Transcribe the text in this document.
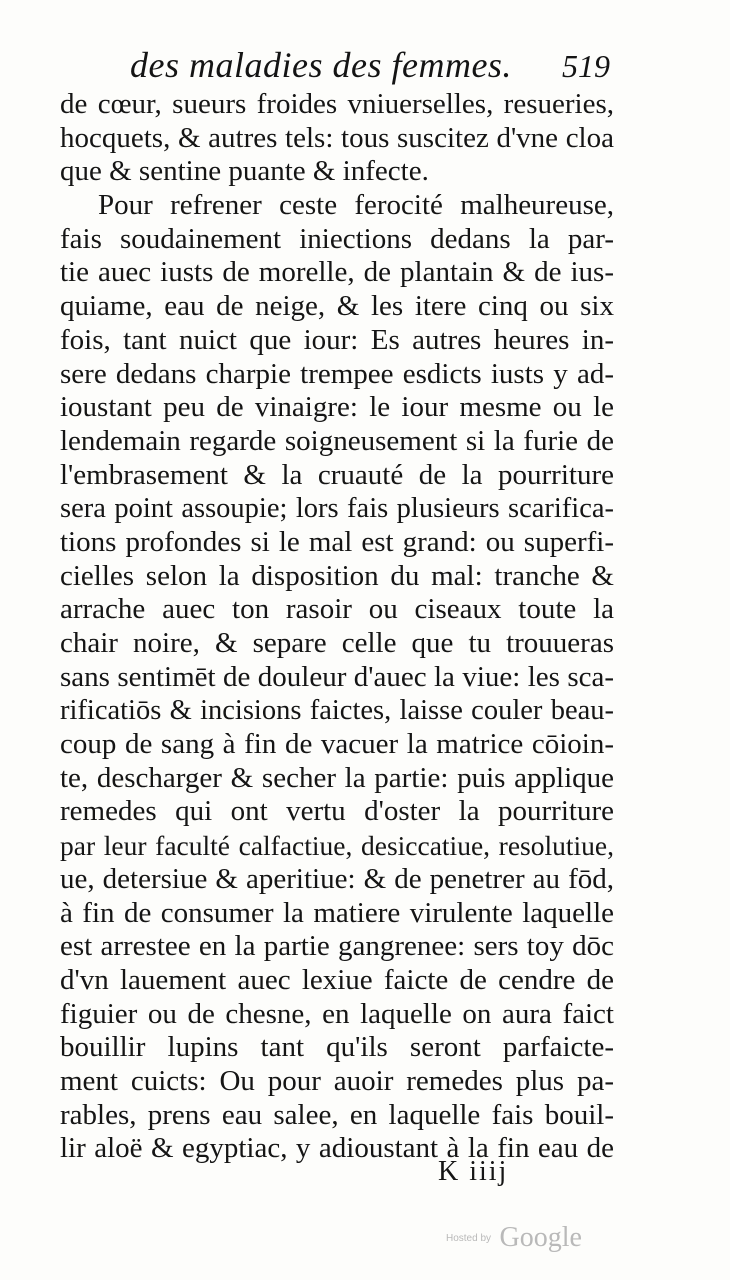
des maladies des femmes. 519
de cœur, sueurs froides vniuerselles, resueries,
hocquets, & autres tels: tous suscitez d'vne cloa
que & sentine puante & infecte.
Pour refrener ceste ferocité malheureuse,
fais soudainement iniections dedans la par-
tie auec iusts de morelle, de plantain & de ius-
quiame, eau de neige, & les itere cinq ou six
fois, tant nuict que iour: Es autres heures in-
sere dedans charpie trempee esdicts iusts y ad-
ioustant peu de vinaigre: le iour mesme ou le
lendemain regarde soigneusement si la furie de
l'embrasement & la cruauté de la pourriture
sera point assoupie; lors fais plusieurs scarifica-
tions profondes si le mal est grand: ou superfi-
cielles selon la disposition du mal: tranche &
arrache auec ton rasoir ou ciseaux toute la
chair noire, & separe celle que tu trouueras
sans sentimēt de douleur d'auec la viue: les sca-
rificatiōs & incisions faictes, laisse couler beau-
coup de sang à fin de vacuer la matrice cōioin-
te, descharger & secher la partie: puis applique
remedes qui ont vertu d'oster la pourriture
par leur faculté calfactiue, desiccatiue, resolutiue,
ue, detersiue & aperitiue: & de penetrer au fōd,
à fin de consumer la matiere virulente laquelle
est arrestee en la partie gangrenee: sers toy dōc
d'vn lauement auec lexiue faicte de cendre de
figuier ou de chesne, en laquelle on aura faict
bouillir lupins tant qu'ils seront parfaicte-
ment cuicts: Ou pour auoir remedes plus pa-
rables, prens eau salee, en laquelle fais bouil-
lir aloë & egyptiac, y adioustant à la fin eau de
K iiij
Hosted by Google
